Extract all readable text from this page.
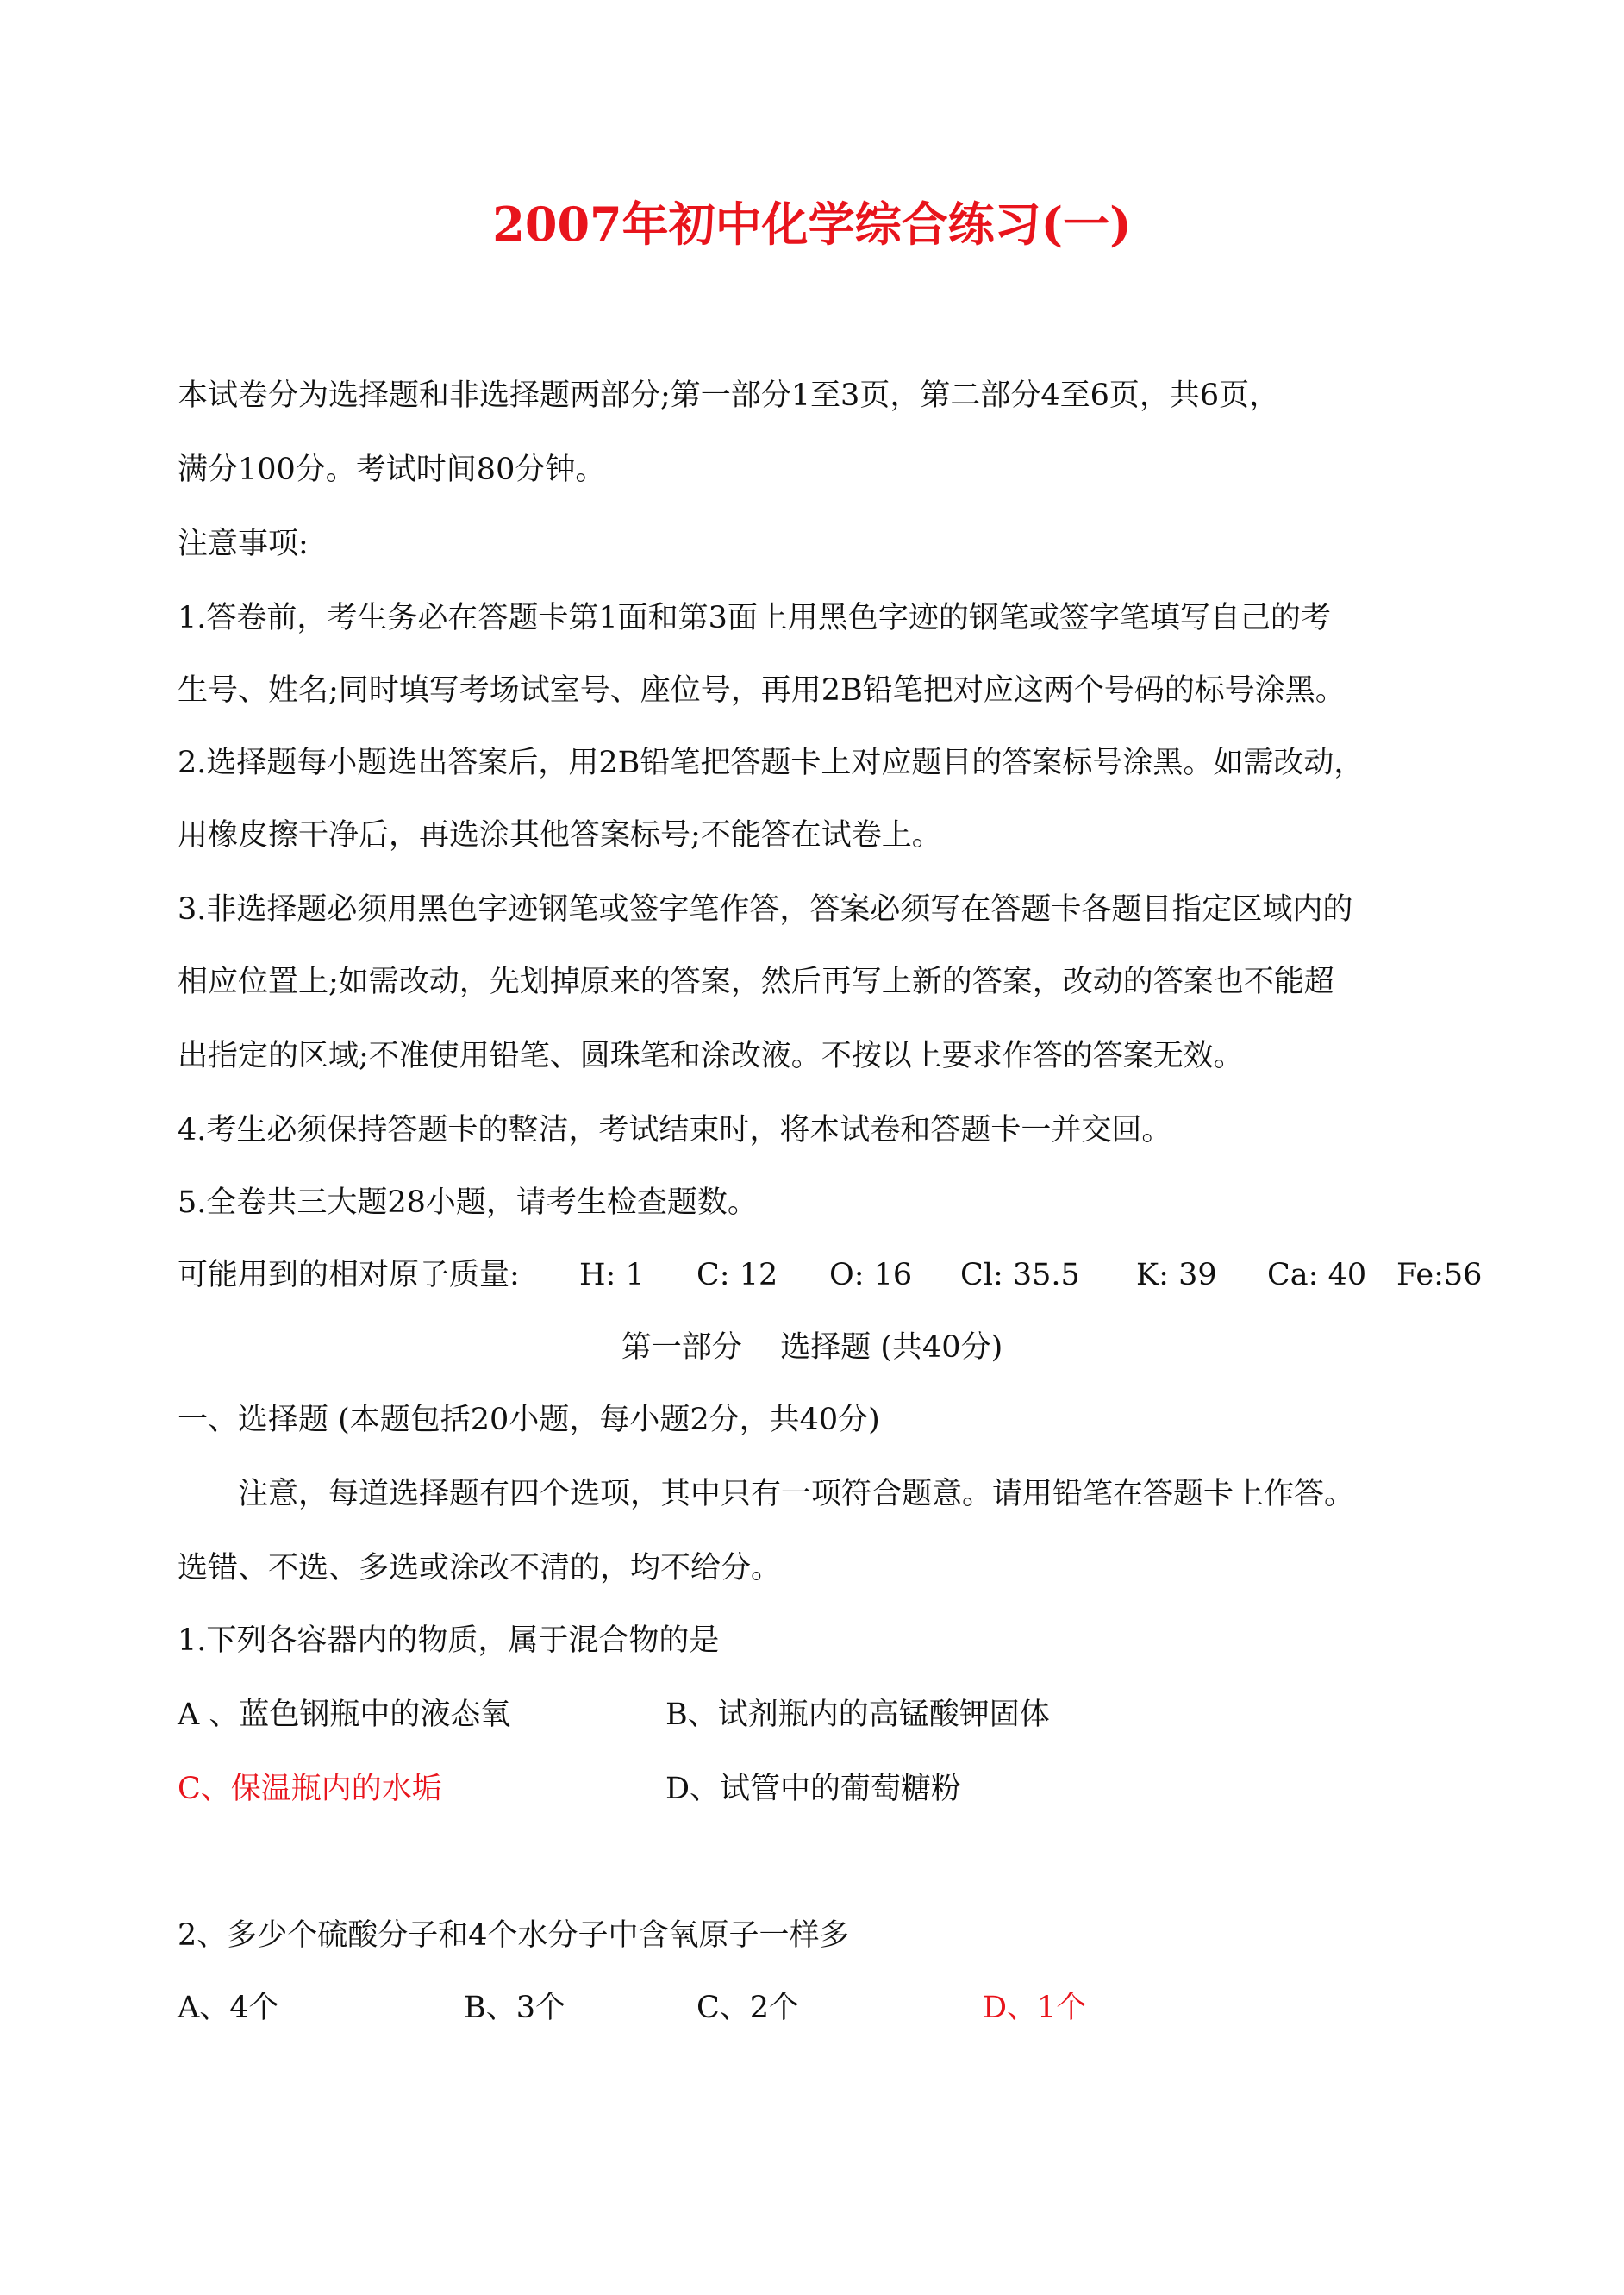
2007年初中化学综合练习(一)
本试卷分为选择题和非选择题两部分;第一部分1至3页，第二部分4至6页，共6页，
满分100分。考试时间80分钟。
注意事项:
1.答卷前，考生务必在答题卡第1面和第3面上用黑色字迹的钢笔或签字笔填写自己的考
生号、姓名;同时填写考场试室号、座位号，再用2B铅笔把对应这两个号码的标号涂黑。
2.选择题每小题选出答案后，用2B铅笔把答题卡上对应题目的答案标号涂黑。如需改动，
用橡皮擦干净后，再选涂其他答案标号;不能答在试卷上。
3.非选择题必须用黑色字迹钢笔或签字笔作答，答案必须写在答题卡各题目指定区域内的
相应位置上;如需改动，先划掉原来的答案，然后再写上新的答案，改动的答案也不能超
出指定的区域;不准使用铅笔、圆珠笔和涂改液。不按以上要求作答的答案无效。
4.考生必须保持答题卡的整洁，考试结束时，将本试卷和答题卡一并交回。
5.全卷共三大题28小题，请考生检查题数。
可能用到的相对原子质量: H: 1 C: 12 O: 16 Cl: 35.5 K: 39 Ca: 40 Fe:56
第一部分    选择题 (共40分)
一、选择题 (本题包括20小题，每小题2分，共40分)
注意，每道选择题有四个选项，其中只有一项符合题意。请用铅笔在答题卡上作答。
选错、不选、多选或涂改不清的，均不给分。
1.下列各容器内的物质，属于混合物的是
A 、蓝色钢瓶中的液态氧	B、试剂瓶内的高锰酸钾固体
C、保温瓶内的水垢	D、试管中的葡萄糖粉
2、多少个硫酸分子和4个水分子中含氧原子一样多
A、4个	B、3个	C、2个	D、1个
